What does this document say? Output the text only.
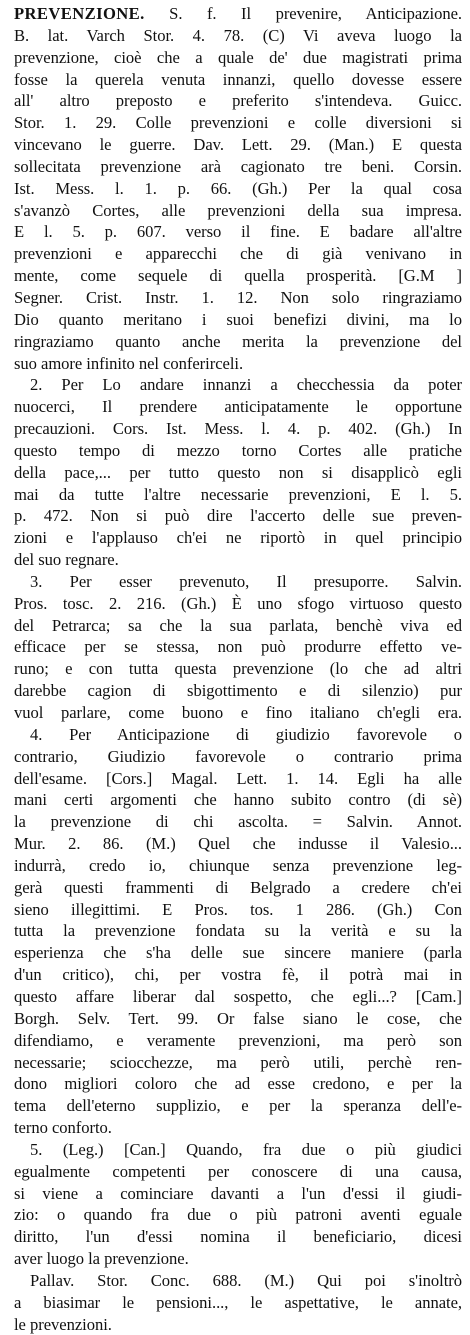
PREVENZIONE. S. f. Il prevenire, Anticipazione.
B. lat. Varch Stor. 4. 78. (C) Vi aveva luogo la
prevenzione, cioè che a quale de' due magistrati prima
fosse la querela venuta innanzi, quello dovesse essere
all' altro preposto e preferito s'intendeva. Guicc.
Stor. 1. 29. Colle prevenzioni e colle diversioni si
vincevano le guerre. Dav. Lett. 29. (Man.) E questa
sollecitata prevenzione arà cagionato tre beni. Corsin.
Ist. Mess. l. 1. p. 66. (Gh.) Per la qual cosa
s'avanzò Cortes, alle prevenzioni della sua impresa.
E l. 5. p. 607. verso il fine. E badare all'altre
prevenzioni e apparecchi che di già venivano in
mente, come sequele di quella prosperità. [G.M ]
Segner. Crist. Instr. 1. 12. Non solo ringraziamo
Dio quanto meritano i suoi benefizi divini, ma lo
ringraziamo quanto anche merita la prevenzione del
suo amore infinito nel conferirceli.
2. Per Lo andare innanzi a checchessia da poter
nuocerci, Il prendere anticipatamente le opportune
precauzioni. Cors. Ist. Mess. l. 4. p. 402. (Gh.) In
questo tempo di mezzo torno Cortes alle pratiche
della pace,... per tutto questo non si disapplicò egli
mai da tutte l'altre necessarie prevenzioni, E l. 5.
p. 472. Non si può dire l'accerto delle sue preven-
zioni e l'applauso ch'ei ne riportò in quel principio
del suo regnare.
3. Per esser prevenuto, Il presuporre. Salvin.
Pros. tosc. 2. 216. (Gh.) È uno sfogo virtuoso questo
del Petrarca; sa che la sua parlata, benchè viva ed
efficace per se stessa, non può produrre effetto ve-
runo; e con tutta questa prevenzione (lo che ad altri
darebbe cagion di sbigottimento e di silenzio) pur
vuol parlare, come buono e fino italiano ch'egli era.
4. Per Anticipazione di giudizio favorevole o
contrario, Giudizio favorevole o contrario prima
dell'esame. [Cors.] Magal. Lett. 1. 14. Egli ha alle
mani certi argomenti che hanno subito contro (di sè)
la prevenzione di chi ascolta. = Salvin. Annot.
Mur. 2. 86. (M.) Quel che indusse il Valesio...
indurrà, credo io, chiunque senza prevenzione leg-
gerà questi frammenti di Belgrado a credere ch'ei
sieno illegittimi. E Pros. tos. 1 286. (Gh.) Con
tutta la prevenzione fondata su la verità e su la
esperienza che s'ha delle sue sincere maniere (parla
d'un critico), chi, per vostra fè, il potrà mai in
questo affare liberar dal sospetto, che egli...? [Cam.]
Borgh. Selv. Tert. 99. Or false siano le cose, che
difendiamo, e veramente prevenzioni, ma però son
necessarie; sciocchezze, ma però utili, perchè ren-
dono migliori coloro che ad esse credono, e per la
tema dell'eterno supplizio, e per la speranza dell'e-
terno conforto.
5. (Leg.) [Can.] Quando, fra due o più giudici
egualmente competenti per conoscere di una causa,
si viene a cominciare davanti a l'un d'essi il giudi-
zio: o quando fra due o più patroni aventi eguale
diritto, l'un d'essi nomina il beneficiario, dicesi
aver luogo la prevenzione.
Pallav. Stor. Conc. 688. (M.) Qui poi s'inoltrò
a biasimar le pensioni..., le aspettative, le annate,
le prevenzioni.
